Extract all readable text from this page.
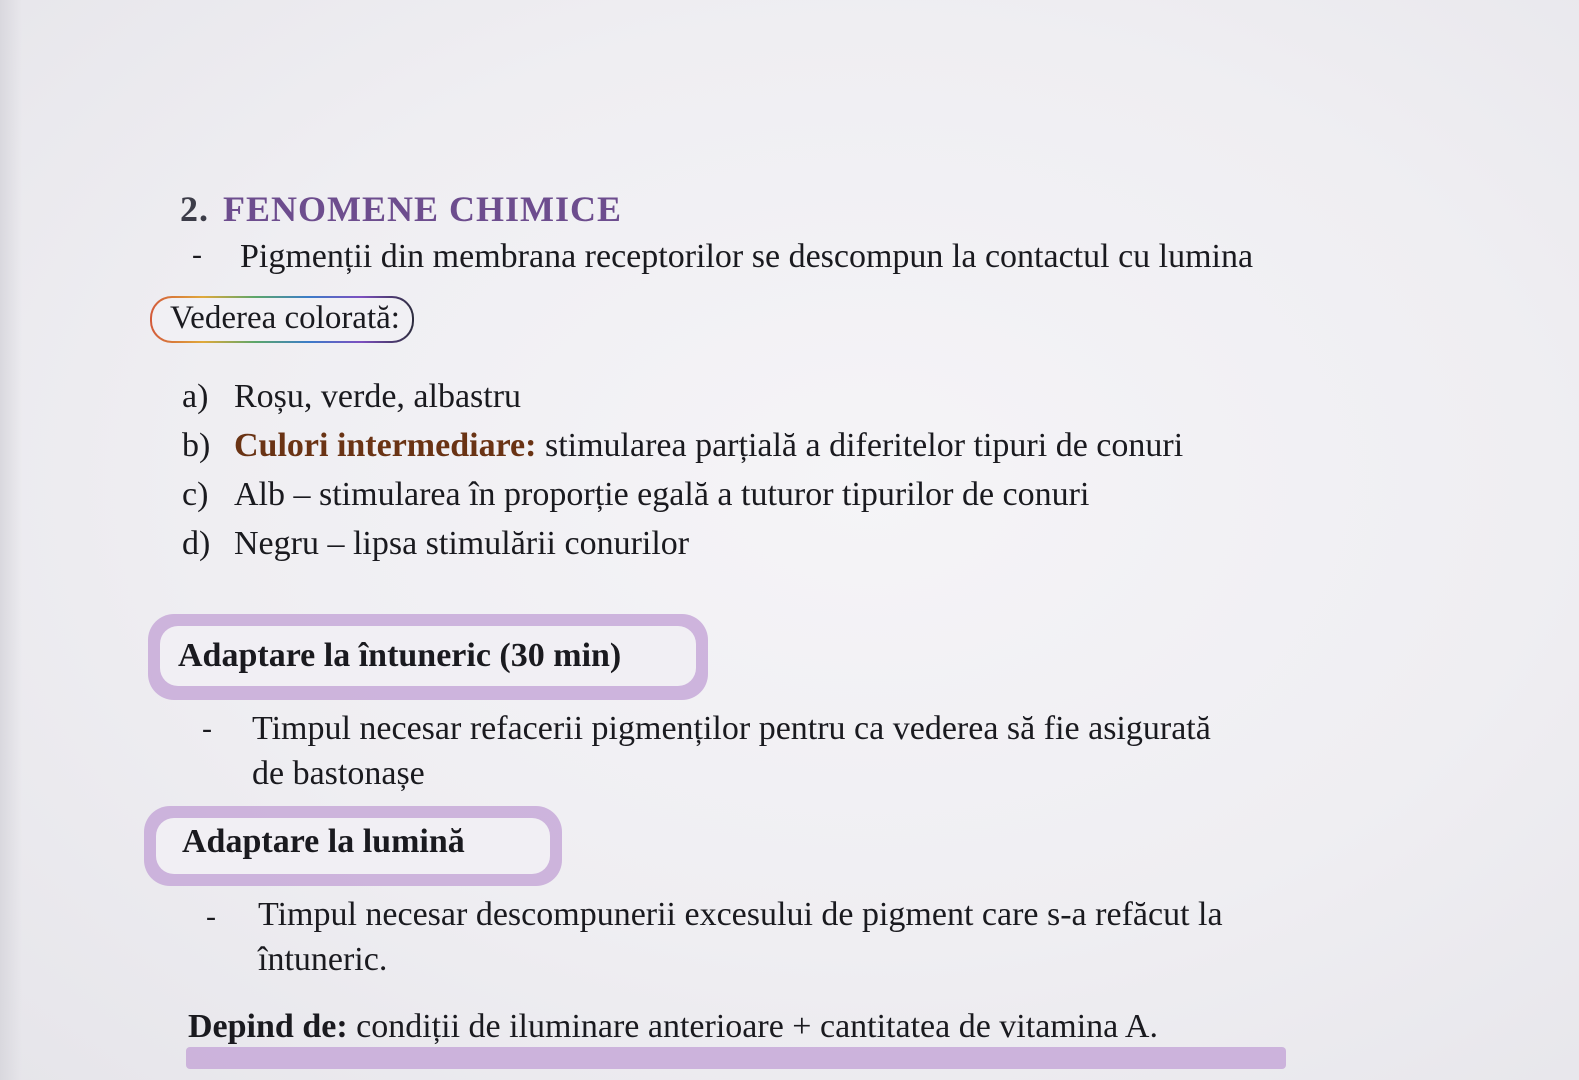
2. FENOMENE CHIMICE
- Pigmenții din membrana receptorilor se descompun la contactul cu lumina
Vederea colorată:
a) Roșu, verde, albastru
b) Culori intermediare: stimularea parțială a diferitelor tipuri de conuri
c) Alb – stimularea în proporție egală a tuturor tipurilor de conuri
d) Negru – lipsa stimulării conurilor
Adaptare la întuneric (30 min)
- Timpul necesar refacerii pigmenților pentru ca vederea să fie asigurată
de bastonașe
Adaptare la lumină
- Timpul necesar descompunerii excesului de pigment care s-a refăcut la
întuneric.
Depind de: condiții de iluminare anterioare + cantitatea de vitamina A.
